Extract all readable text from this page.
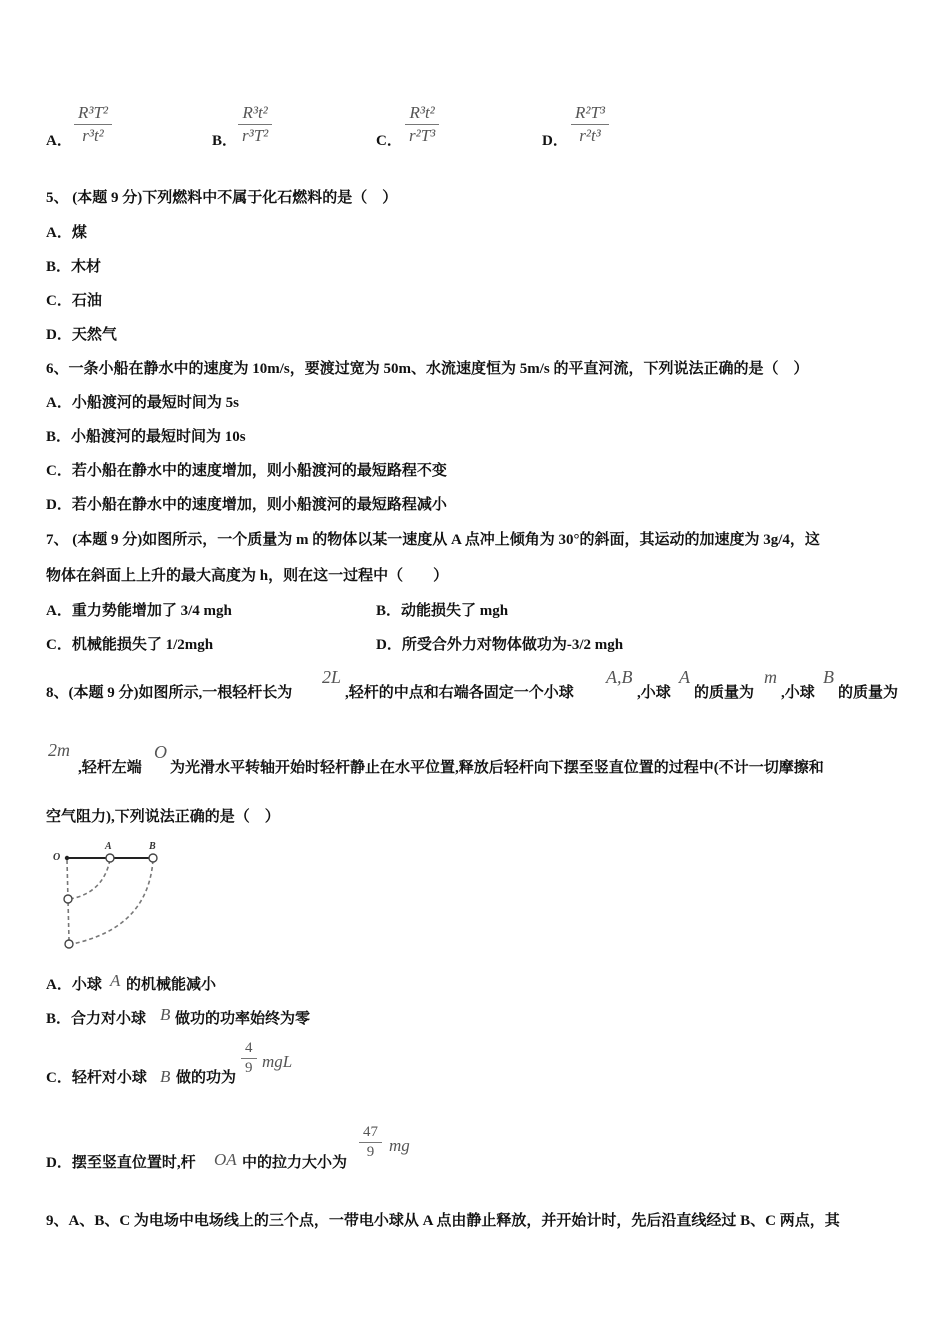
A．
R³T²
r³t²	B．
R³t²
r³T²	C．
R³t²
r²T³	D．
R²T³
r²t³
5、 (本题 9 分)下列燃料中不属于化石燃料的是（　）
A．煤
B．木材
C．石油
D．天然气
6、一条小船在静水中的速度为 10m/s，要渡过宽为 50m、水流速度恒为 5m/s 的平直河流，下列说法正确的是（　）
A．小船渡河的最短时间为 5s
B．小船渡河的最短时间为 10s
C．若小船在静水中的速度增加，则小船渡河的最短路程不变
D．若小船在静水中的速度增加，则小船渡河的最短路程减小
7、 (本题 9 分)如图所示，一个质量为 m 的物体以某一速度从 A 点冲上倾角为 30°的斜面，其运动的加速度为 3g/4，这
物体在斜面上上升的最大高度为 h，则在这一过程中（　　）
A．重力势能增加了 3/4 mgh	B．动能损失了 mgh
C．机械能损失了 1/2mgh	D．所受合外力对物体做功为-3/2 mgh
8、(本题 9 分)如图所示,一根轻杆长为
2L
,轻杆的中点和右端各固定一个小球
A,B
,小球
A
的质量为
m
,小球
B
的质量为
2m
,轻杆左端
O
为光滑水平转轴开始时轻杆静止在水平位置,释放后轻杆向下摆至竖直位置的过程中(不计一切摩擦和
空气阻力),下列说法正确的是（　）
O
A	B
A．小球 A 的机械能减小
B．合力对小球 B 做功的功率始终为零
C．轻杆对小球 B 做的功为
4
9 mgL
D．摆至竖直位置时,杆 OA 中的拉力大小为
47
9 mg
9、A、B、C 为电场中电场线上的三个点，一带电小球从 A 点由静止释放，并开始计时，先后沿直线经过 B、C 两点，其
